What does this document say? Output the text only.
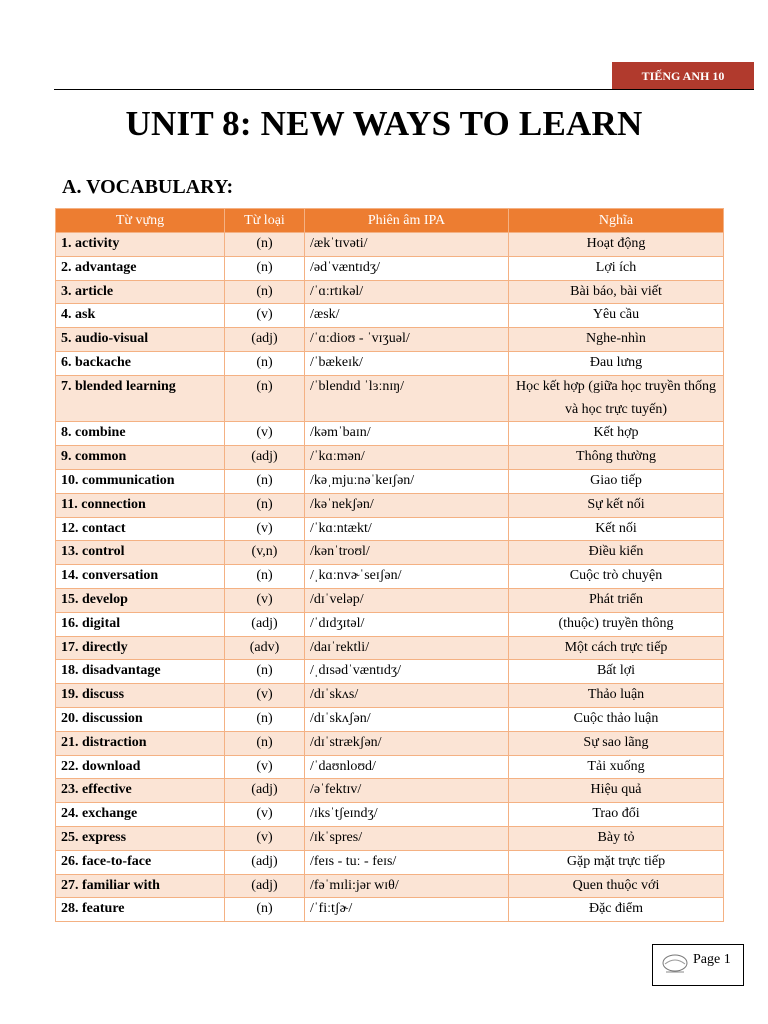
TIẾNG ANH 10
UNIT 8: NEW WAYS TO LEARN
A. VOCABULARY:
Từ vựng	Từ loại	Phiên âm IPA	Nghĩa
1. activity	(n)	/ækˈtɪvəti/	Hoạt động
2. advantage	(n)	/ədˈvæntɪdʒ/	Lợi ích
3. article	(n)	/ˈɑːrtɪkəl/	Bài báo, bài viết
4. ask	(v)	/æsk/	Yêu cầu
5. audio-visual	(adj)	/ˈɑːdioʊ - ˈvɪʒuəl/	Nghe-nhìn
6. backache	(n)	/ˈbækeɪk/	Đau lưng
7. blended learning	(n)	/ˈblendɪd ˈlɜːnɪŋ/	Học kết hợp (giữa học truyền thống và học trực tuyến)
8. combine	(v)	/kəmˈbaɪn/	Kết hợp
9. common	(adj)	/ˈkɑːmən/	Thông thường
10. communication	(n)	/kəˌmjuːnəˈkeɪʃən/	Giao tiếp
11. connection	(n)	/kəˈnekʃən/	Sự kết nối
12. contact	(v)	/ˈkɑːntækt/	Kết nối
13. control	(v,n)	/kənˈtroʊl/	Điều kiển
14. conversation	(n)	/ˌkɑːnvɚˈseɪʃən/	Cuộc trò chuyện
15. develop	(v)	/dɪˈveləp/	Phát triển
16. digital	(adj)	/ˈdɪdʒɪtəl/	(thuộc) truyền thông
17. directly	(adv)	/daɪˈrektli/	Một cách trực tiếp
18. disadvantage	(n)	/ˌdɪsədˈvæntɪdʒ/	Bất lợi
19. discuss	(v)	/dɪˈskʌs/	Thảo luận
20. discussion	(n)	/dɪˈskʌʃən/	Cuộc thảo luận
21. distraction	(n)	/dɪˈstrækʃən/	Sự sao lãng
22. download	(v)	/ˈdaʊnloʊd/	Tải xuống
23. effective	(adj)	/əˈfektɪv/	Hiệu quả
24. exchange	(v)	/ɪksˈtʃeɪndʒ/	Trao đổi
25. express	(v)	/ɪkˈspres/	Bày tỏ
26. face-to-face	(adj)	/feɪs - tuː - feɪs/	Gặp mặt trực tiếp
27. familiar with	(adj)	/fəˈmɪli:jər wɪθ/	Quen thuộc với
28. feature	(n)	/ˈfiːtʃɚ/	Đặc điểm
Page 1
